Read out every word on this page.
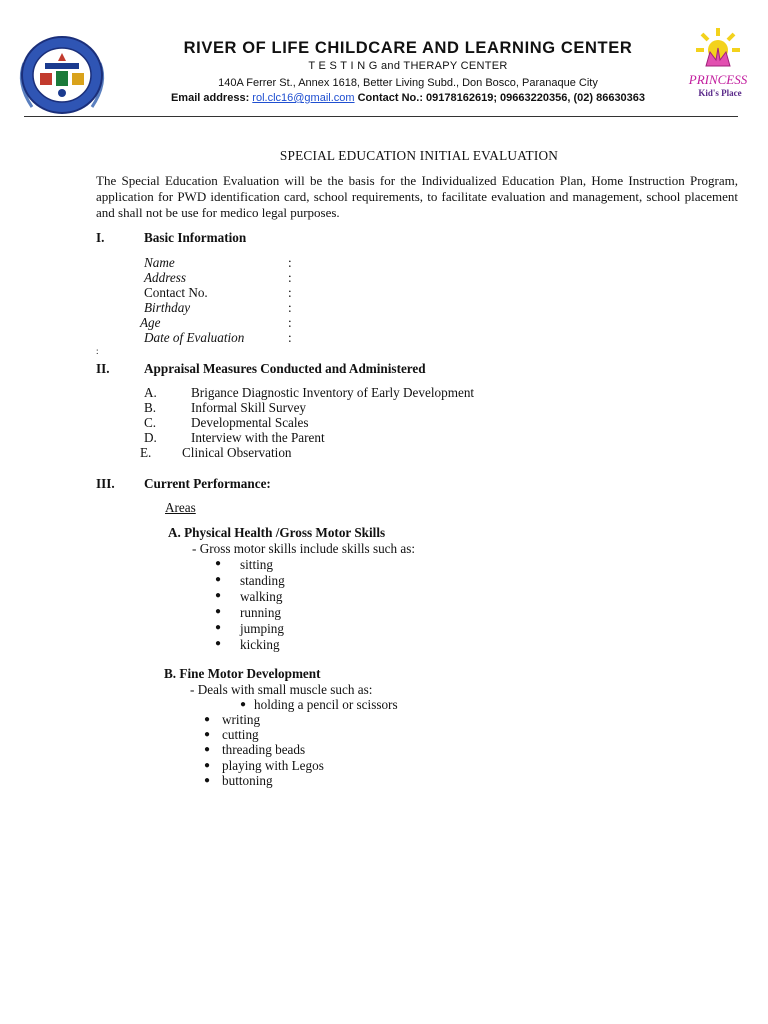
PRINCESS
Kid's Place
RIVER OF LIFE CHILDCARE AND LEARNING CENTER
T E S T I N G and THERAPY CENTER
140A Ferrer St., Annex 1618, Better Living Subd., Don Bosco, Paranaque City
Email address: rol.clc16@gmail.com Contact No.: 09178162619; 09663220356, (02) 86630363
SPECIAL EDUCATION INITIAL EVALUATION
The Special Education Evaluation will be the basis for the Individualized Education Plan, Home Instruction Program, application for PWD identification card, school requirements, to facilitate evaluation and management, school placement and shall not be use for medico legal purposes.
I.	Basic Information
Name	:
Address	:
Contact No.	:
Birthday	:
Age	:
Date of Evaluation	:
:
II.	Appraisal Measures Conducted and Administered
A.	Brigance Diagnostic Inventory of Early Development
B.	Informal Skill Survey
C.	Developmental Scales
D.	Interview with the Parent
E. Clinical Observation
III. Current Performance:
Areas
A. Physical Health /Gross Motor Skills
- Gross motor skills include skills such as:
● sitting
● standing
● walking
● running
● jumping
● kicking
B. Fine Motor Development
- Deals with small muscle such as:
● holding a pencil or scissors
● writing
● cutting
● threading beads
● playing with Legos
● buttoning
